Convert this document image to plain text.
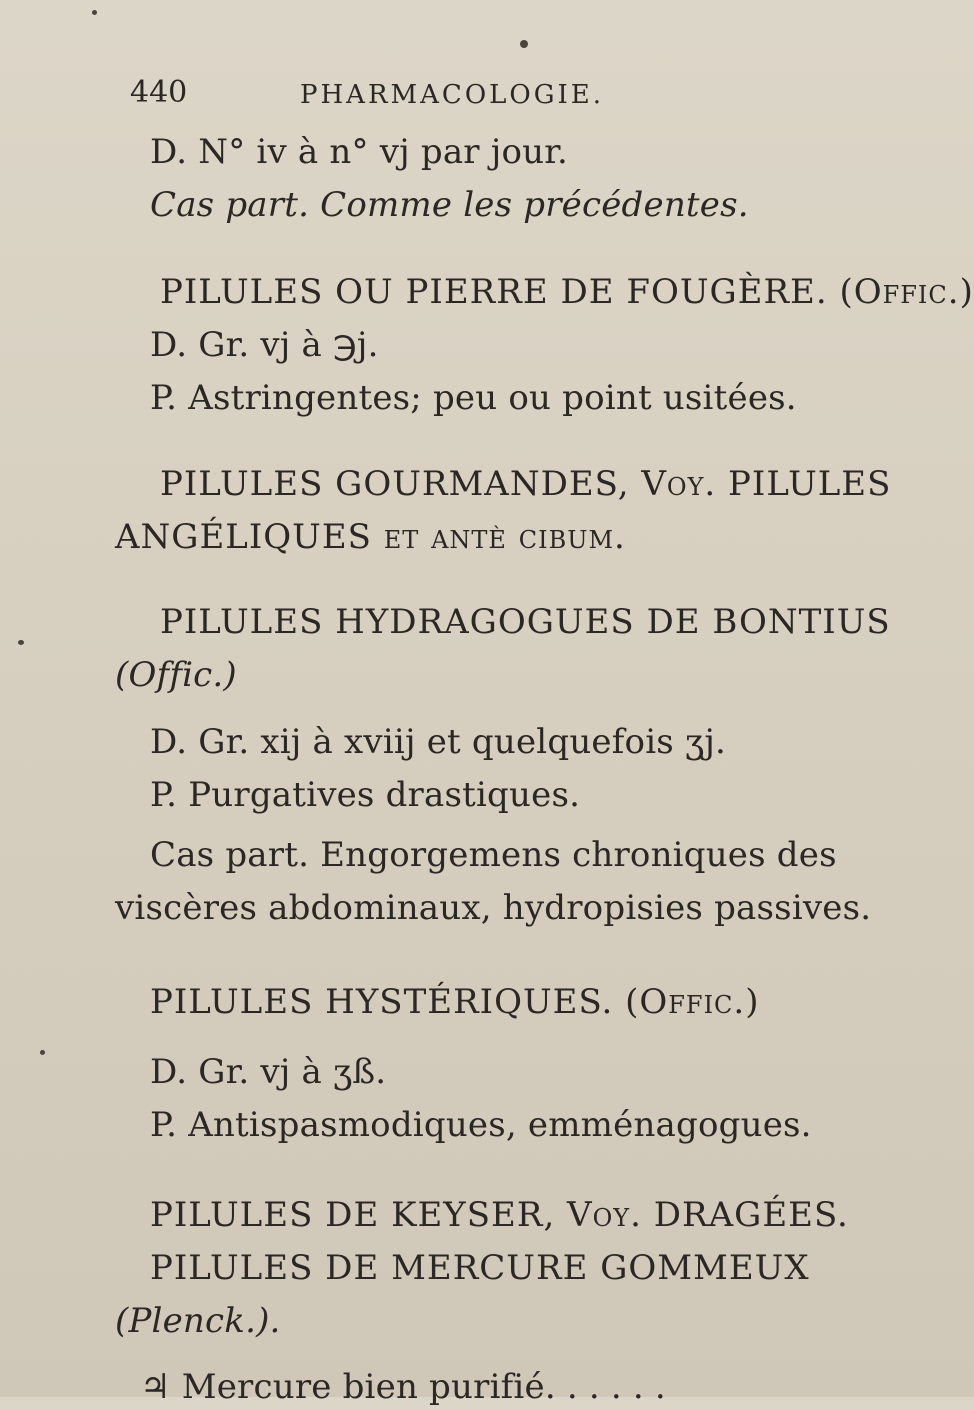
440	PHARMACOLOGIE.
D. N° iv à n° vj par jour.
Cas part. Comme les précédentes.
PILULES OU PIERRE DE FOUGÈRE. (Offic.)
D. Gr. vj à ℈j.
P. Astringentes; peu ou point usitées.
PILULES GOURMANDES, Voy. PILULES
ANGÉLIQUES et antè cibum.
PILULES HYDRAGOGUES DE BONTIUS
(Offic.)
D. Gr. xij à xviij et quelquefois ʒj.
P. Purgatives drastiques.
Cas part. Engorgemens chroniques des
viscères abdominaux, hydropisies passives.
PILULES HYSTÉRIQUES. (Offic.)
D. Gr. vj à ʒß.
P. Antispasmodiques, emménagogues.
PILULES DE KEYSER, Voy. DRAGÉES.
PILULES DE MERCURE GOMMEUX
(Plenck.).
♃ Mercure bien purifié. . . . . .
